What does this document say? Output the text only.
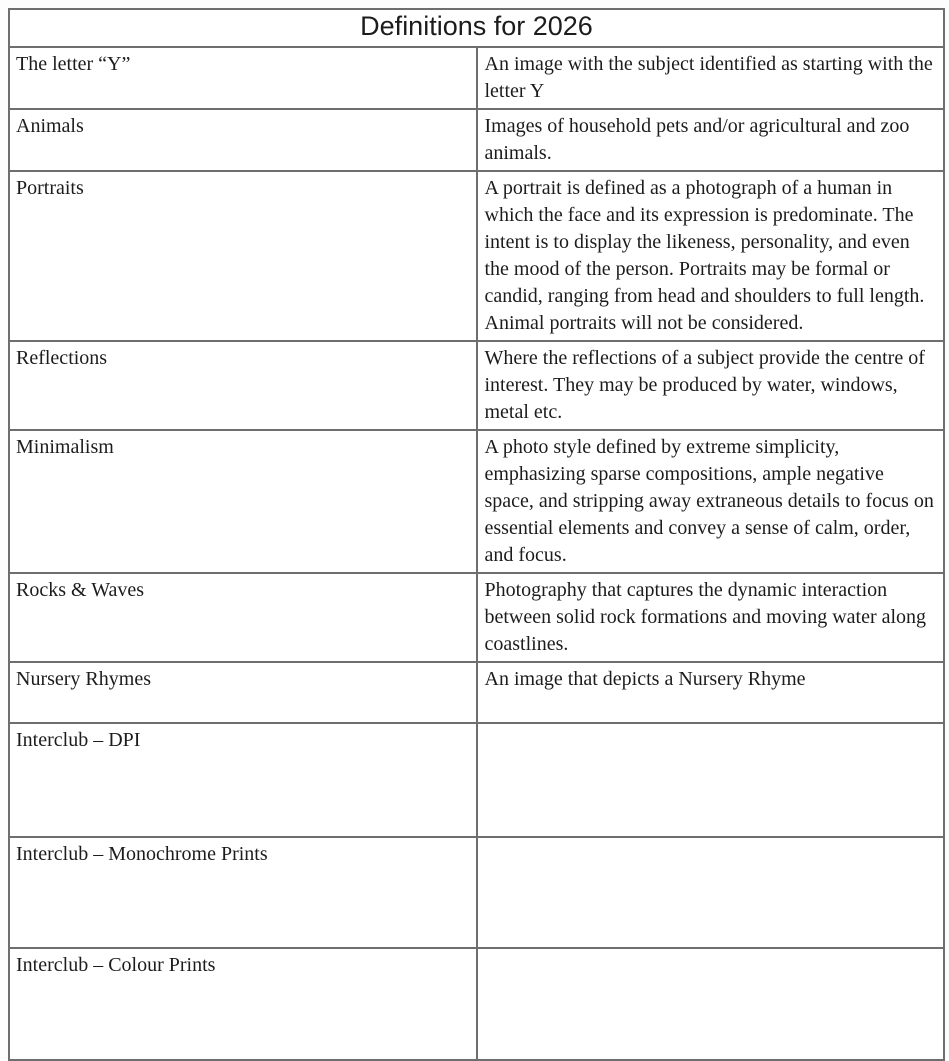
Definitions for 2026	
The letter “Y”	An image with the subject identified as starting with the letter Y
Animals	Images of household pets and/or agricultural and zoo animals.
Portraits	A portrait is defined as a photograph of a human in which the face and its expression is predominate. The intent is to display the likeness, personality, and even the mood of the person. Portraits may be formal or candid, ranging from head and shoulders to full length. Animal portraits will not be considered.
Reflections	Where the reflections of a subject provide the centre of interest. They may be produced by water, windows, metal etc.
Minimalism	A photo style defined by extreme simplicity, emphasizing sparse compositions, ample negative space, and stripping away extraneous details to focus on essential elements and convey a sense of calm, order, and focus.
Rocks & Waves	Photography that captures the dynamic interaction between solid rock formations and moving water along coastlines.
Nursery Rhymes	An image that depicts a Nursery Rhyme
Interclub – DPI	
Interclub – Monochrome Prints	
Interclub – Colour Prints	
